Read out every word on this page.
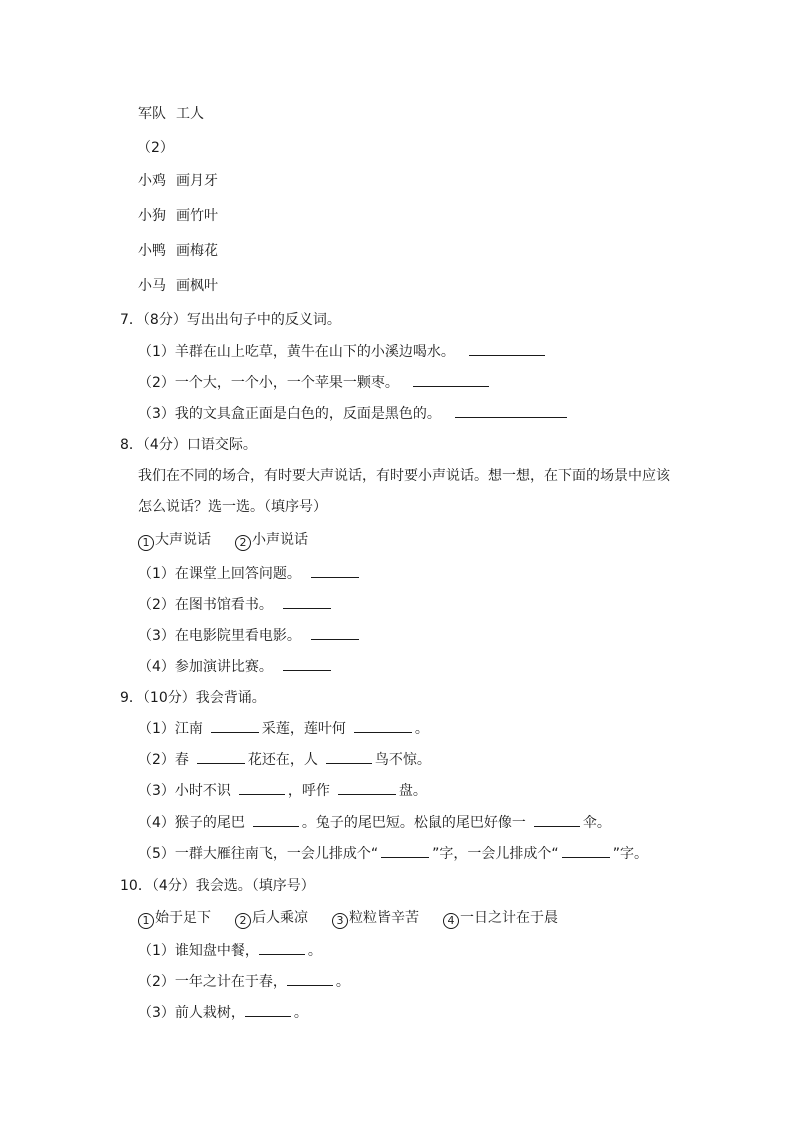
军队 工人
（2）
小鸡 画月牙
小狗 画竹叶
小鸭 画梅花
小马 画枫叶
7．（8分）写出出句子中的反义词。
（1）羊群在山上吃草，黄牛在山下的小溪边喝水。
（2）一个大，一个小，一个苹果一颗枣。
（3）我的文具盒正面是白色的，反面是黑色的。
8．（4分）口语交际。
我们在不同的场合，有时要大声说话，有时要小声说话。想一想，在下面的场景中应该
怎么说话？选一选。（填序号）
1 大声说话	2 小声说话
（1）在课堂上回答问题。
（2）在图书馆看书。
（3）在电影院里看电影。
（4）参加演讲比赛。
9．（10分）我会背诵。
（1）江南	采莲，莲叶何	。
（2）春	花还在，人	鸟不惊。
（3）小时不识	，呼作	盘。
（4）猴子的尾巴	。兔子的尾巴短。松鼠的尾巴好像一	伞。
（5）一群大雁往南飞，一会儿排成个“	”字，一会儿排成个“	”字。
10．（4分）我会选。（填序号）
1 始于足下	2 后人乘凉	3 粒粒皆辛苦	4 一日之计在于晨
（1）谁知盘中餐，	。
（2）一年之计在于春，	。
（3）前人栽树，	。
